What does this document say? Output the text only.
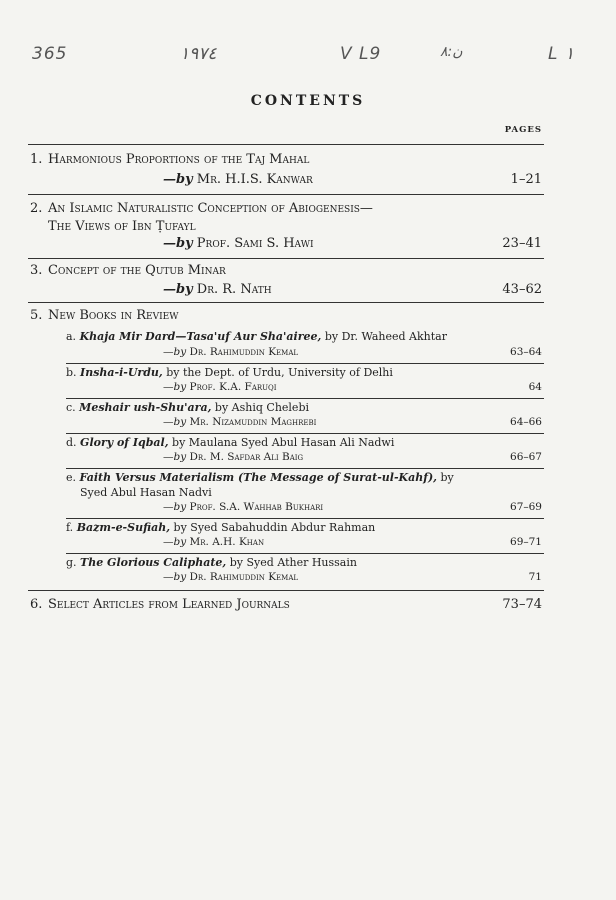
365	١٩٧٤	V L9	ن:٨	L ١
CONTENTS
PAGES
1. Harmonious Proportions of the Taj Mahal
—by Mr. H.I.S. Kanwar	1–21
2. An Islamic Naturalistic Conception of Abiogenesis—
The Views of Ibn Ṭufayl
—by Prof. Sami S. Hawi	23–41
3. Concept of the Qutub Minar
—by Dr. R. Nath	43–62
5. New Books in Review
a. Khaja Mir Dard—Tasa'uf Aur Sha'airee, by Dr. Waheed Akhtar
—by Dr. Rahimuddin Kemal	63–64
b. Insha-i-Urdu, by the Dept. of Urdu, University of Delhi
—by Prof. K.A. Faruqi	64
c. Meshair ush-Shu'ara, by Ashiq Chelebi
—by Mr. Nizamuddin Maghrebi	64–66
d. Glory of Iqbal, by Maulana Syed Abul Hasan Ali Nadwi
—by Dr. M. Safdar Ali Baig	66–67
e. Faith Versus Materialism (The Message of Surat-ul-Kahf), by
Syed Abul Hasan Nadvi
—by Prof. S.A. Wahhab Bukhari	67–69
f. Bazm-e-Sufiah, by Syed Sabahuddin Abdur Rahman
—by Mr. A.H. Khan	69–71
g. The Glorious Caliphate, by Syed Ather Hussain
—by Dr. Rahimuddin Kemal	71
6. Select Articles from Learned Journals	73–74
